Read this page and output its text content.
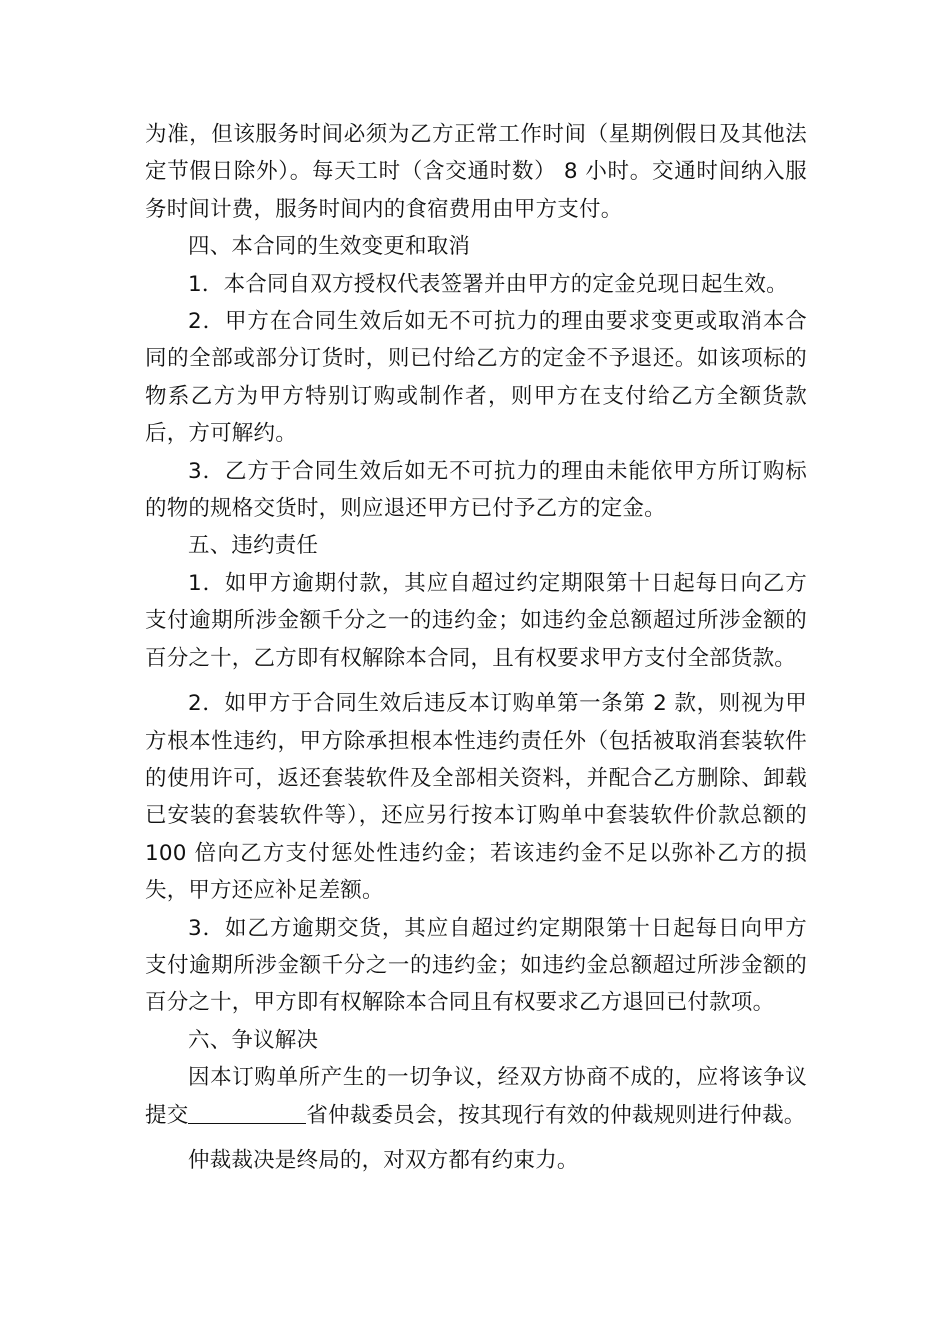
为准，但该服务时间必须为乙方正常工作时间（星期例假日及其他法定节假日除外）。每天工时（含交通时数） 8 小时。交通时间纳入服务时间计费，服务时间内的食宿费用由甲方支付。

四、本合同的生效变更和取消

1．本合同自双方授权代表签署并由甲方的定金兑现日起生效。

2．甲方在合同生效后如无不可抗力的理由要求变更或取消本合同的全部或部分订货时，则已付给乙方的定金不予退还。如该项标的物系乙方为甲方特别订购或制作者，则甲方在支付给乙方全额货款后，方可解约。

3．乙方于合同生效后如无不可抗力的理由未能依甲方所订购标的物的规格交货时，则应退还甲方已付予乙方的定金。

五、违约责任

1．如甲方逾期付款，其应自超过约定期限第十日起每日向乙方支付逾期所涉金额千分之一的违约金；如违约金总额超过所涉金额的百分之十，乙方即有权解除本合同，且有权要求甲方支付全部货款。

2．如甲方于合同生效后违反本订购单第一条第 2 款，则视为甲方根本性违约，甲方除承担根本性违约责任外（包括被取消套装软件的使用许可，返还套装软件及全部相关资料，并配合乙方删除、卸载已安装的套装软件等），还应另行按本订购单中套装软件价款总额的 100 倍向乙方支付惩处性违约金；若该违约金不足以弥补乙方的损失，甲方还应补足差额。

3．如乙方逾期交货，其应自超过约定期限第十日起每日向甲方支付逾期所涉金额千分之一的违约金；如违约金总额超过所涉金额的百分之十，甲方即有权解除本合同且有权要求乙方退回已付款项。

六、争议解决

因本订购单所产生的一切争议，经双方协商不成的，应将该争议提交	省仲裁委员会，按其现行有效的仲裁规则进行仲裁。

仲裁裁决是终局的，对双方都有约束力。
